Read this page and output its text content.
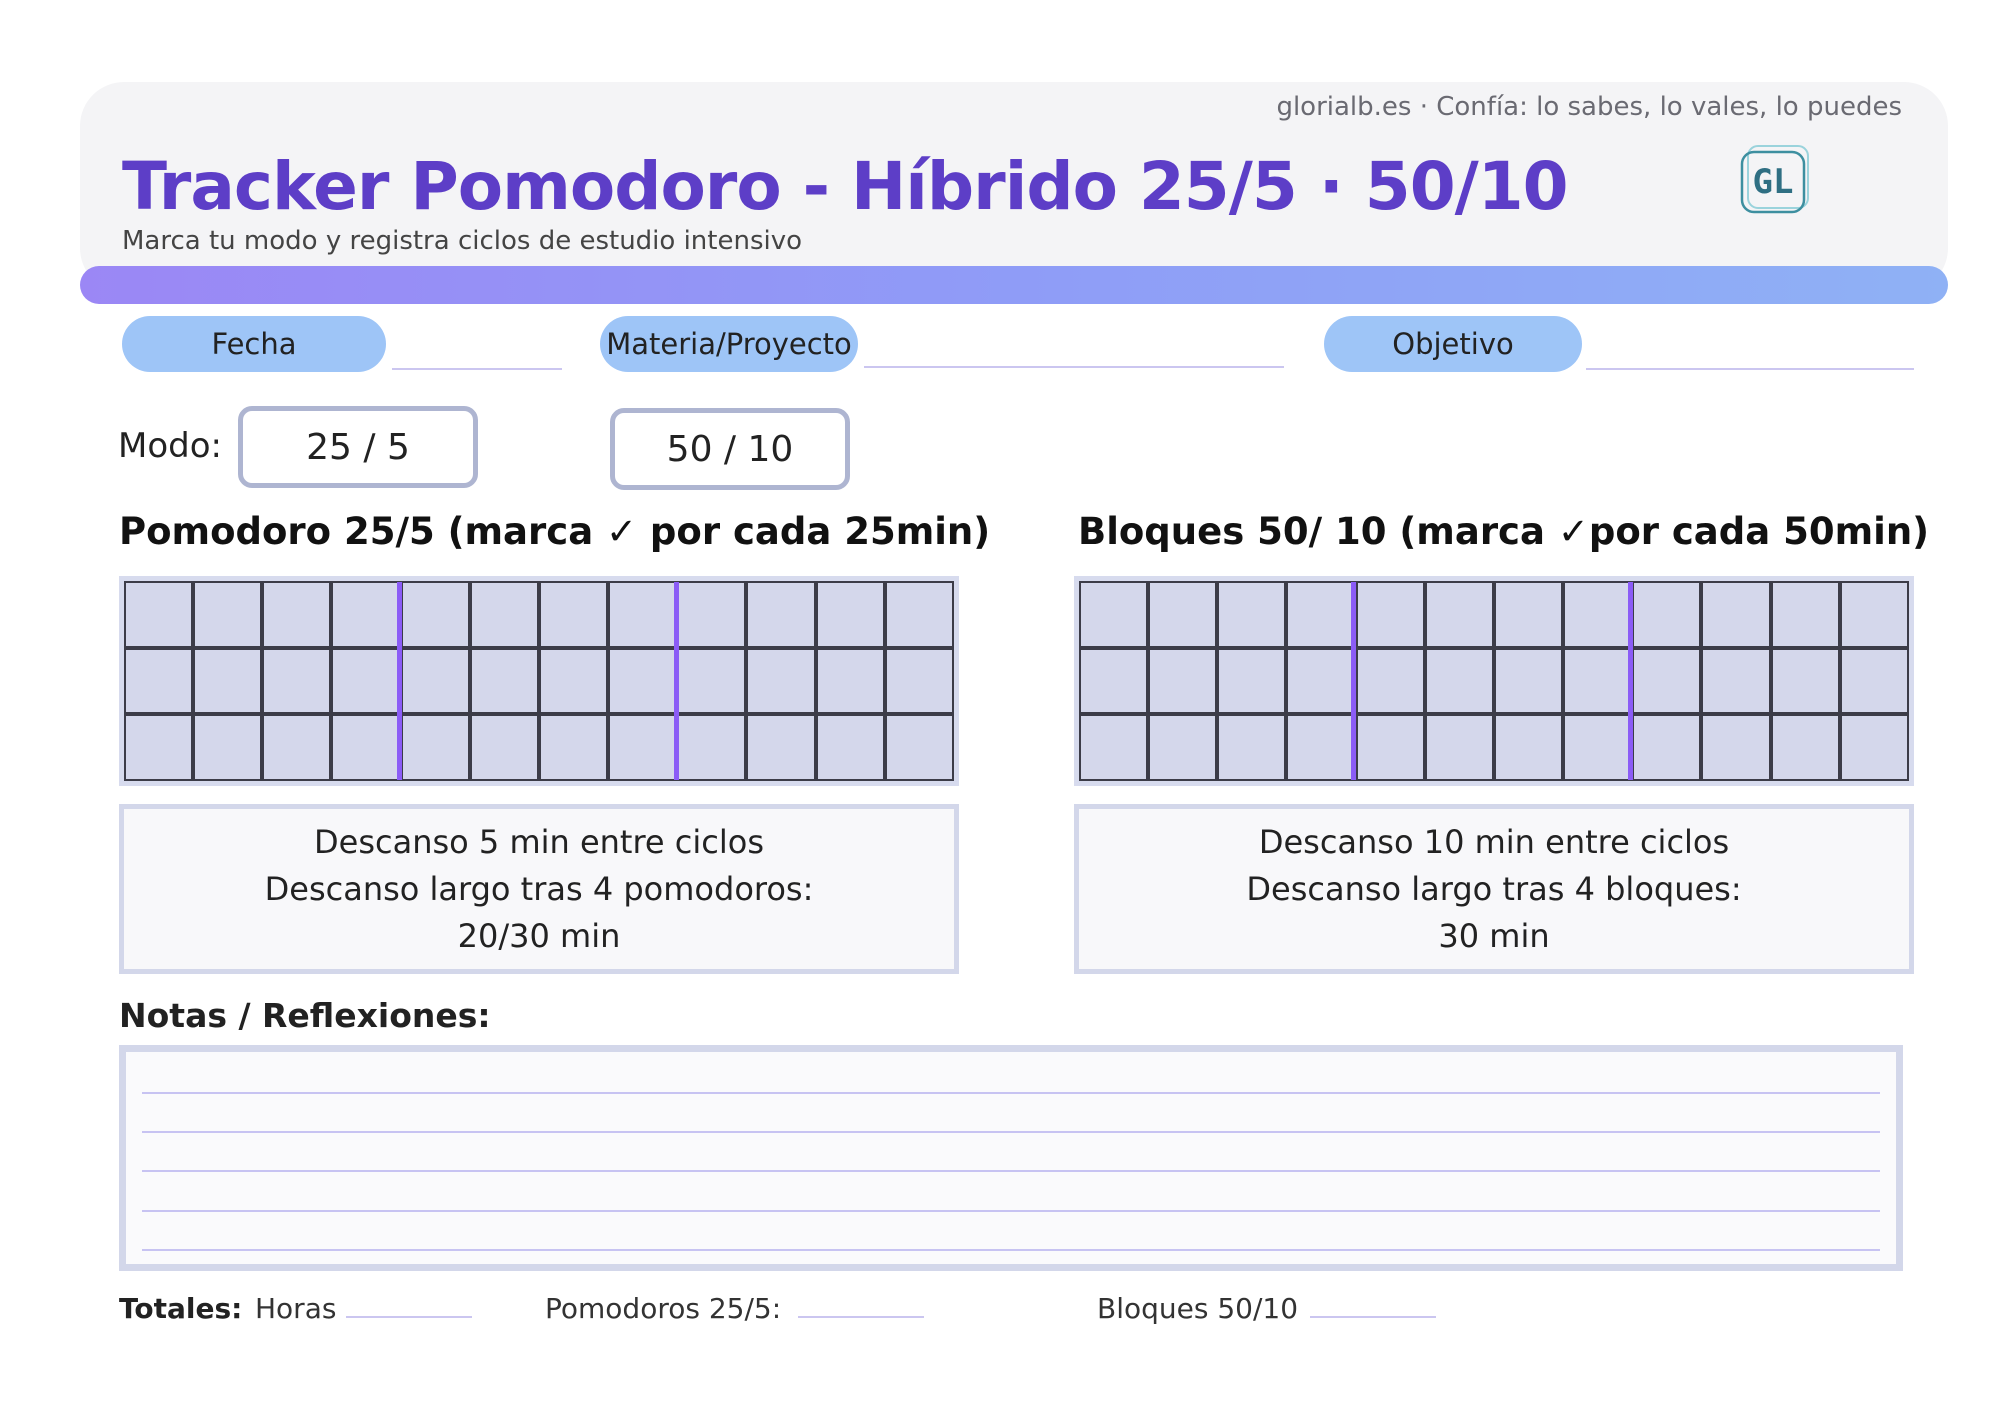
glorialb.es · Confía: lo sabes, lo vales, lo puedes
Tracker Pomodoro - Híbrido 25/5 · 50/10
Marca tu modo y registra ciclos de estudio intensivo
GL
Fecha	Materia/Proyecto	Objetivo
Modo:	25 / 5	50 / 10
Pomodoro 25/5 (marca ✓ por cada 25min)
Descanso 5 min entre ciclos
Descanso largo tras 4 pomodoros:
20/30 min
Bloques 50/ 10 (marca ✓por cada 50min)
Descanso 10 min entre ciclos
Descanso largo tras 4 bloques:
30 min
Notas / Reflexiones:
Totales: Horas	Pomodoros 25/5:	Bloques 50/10
